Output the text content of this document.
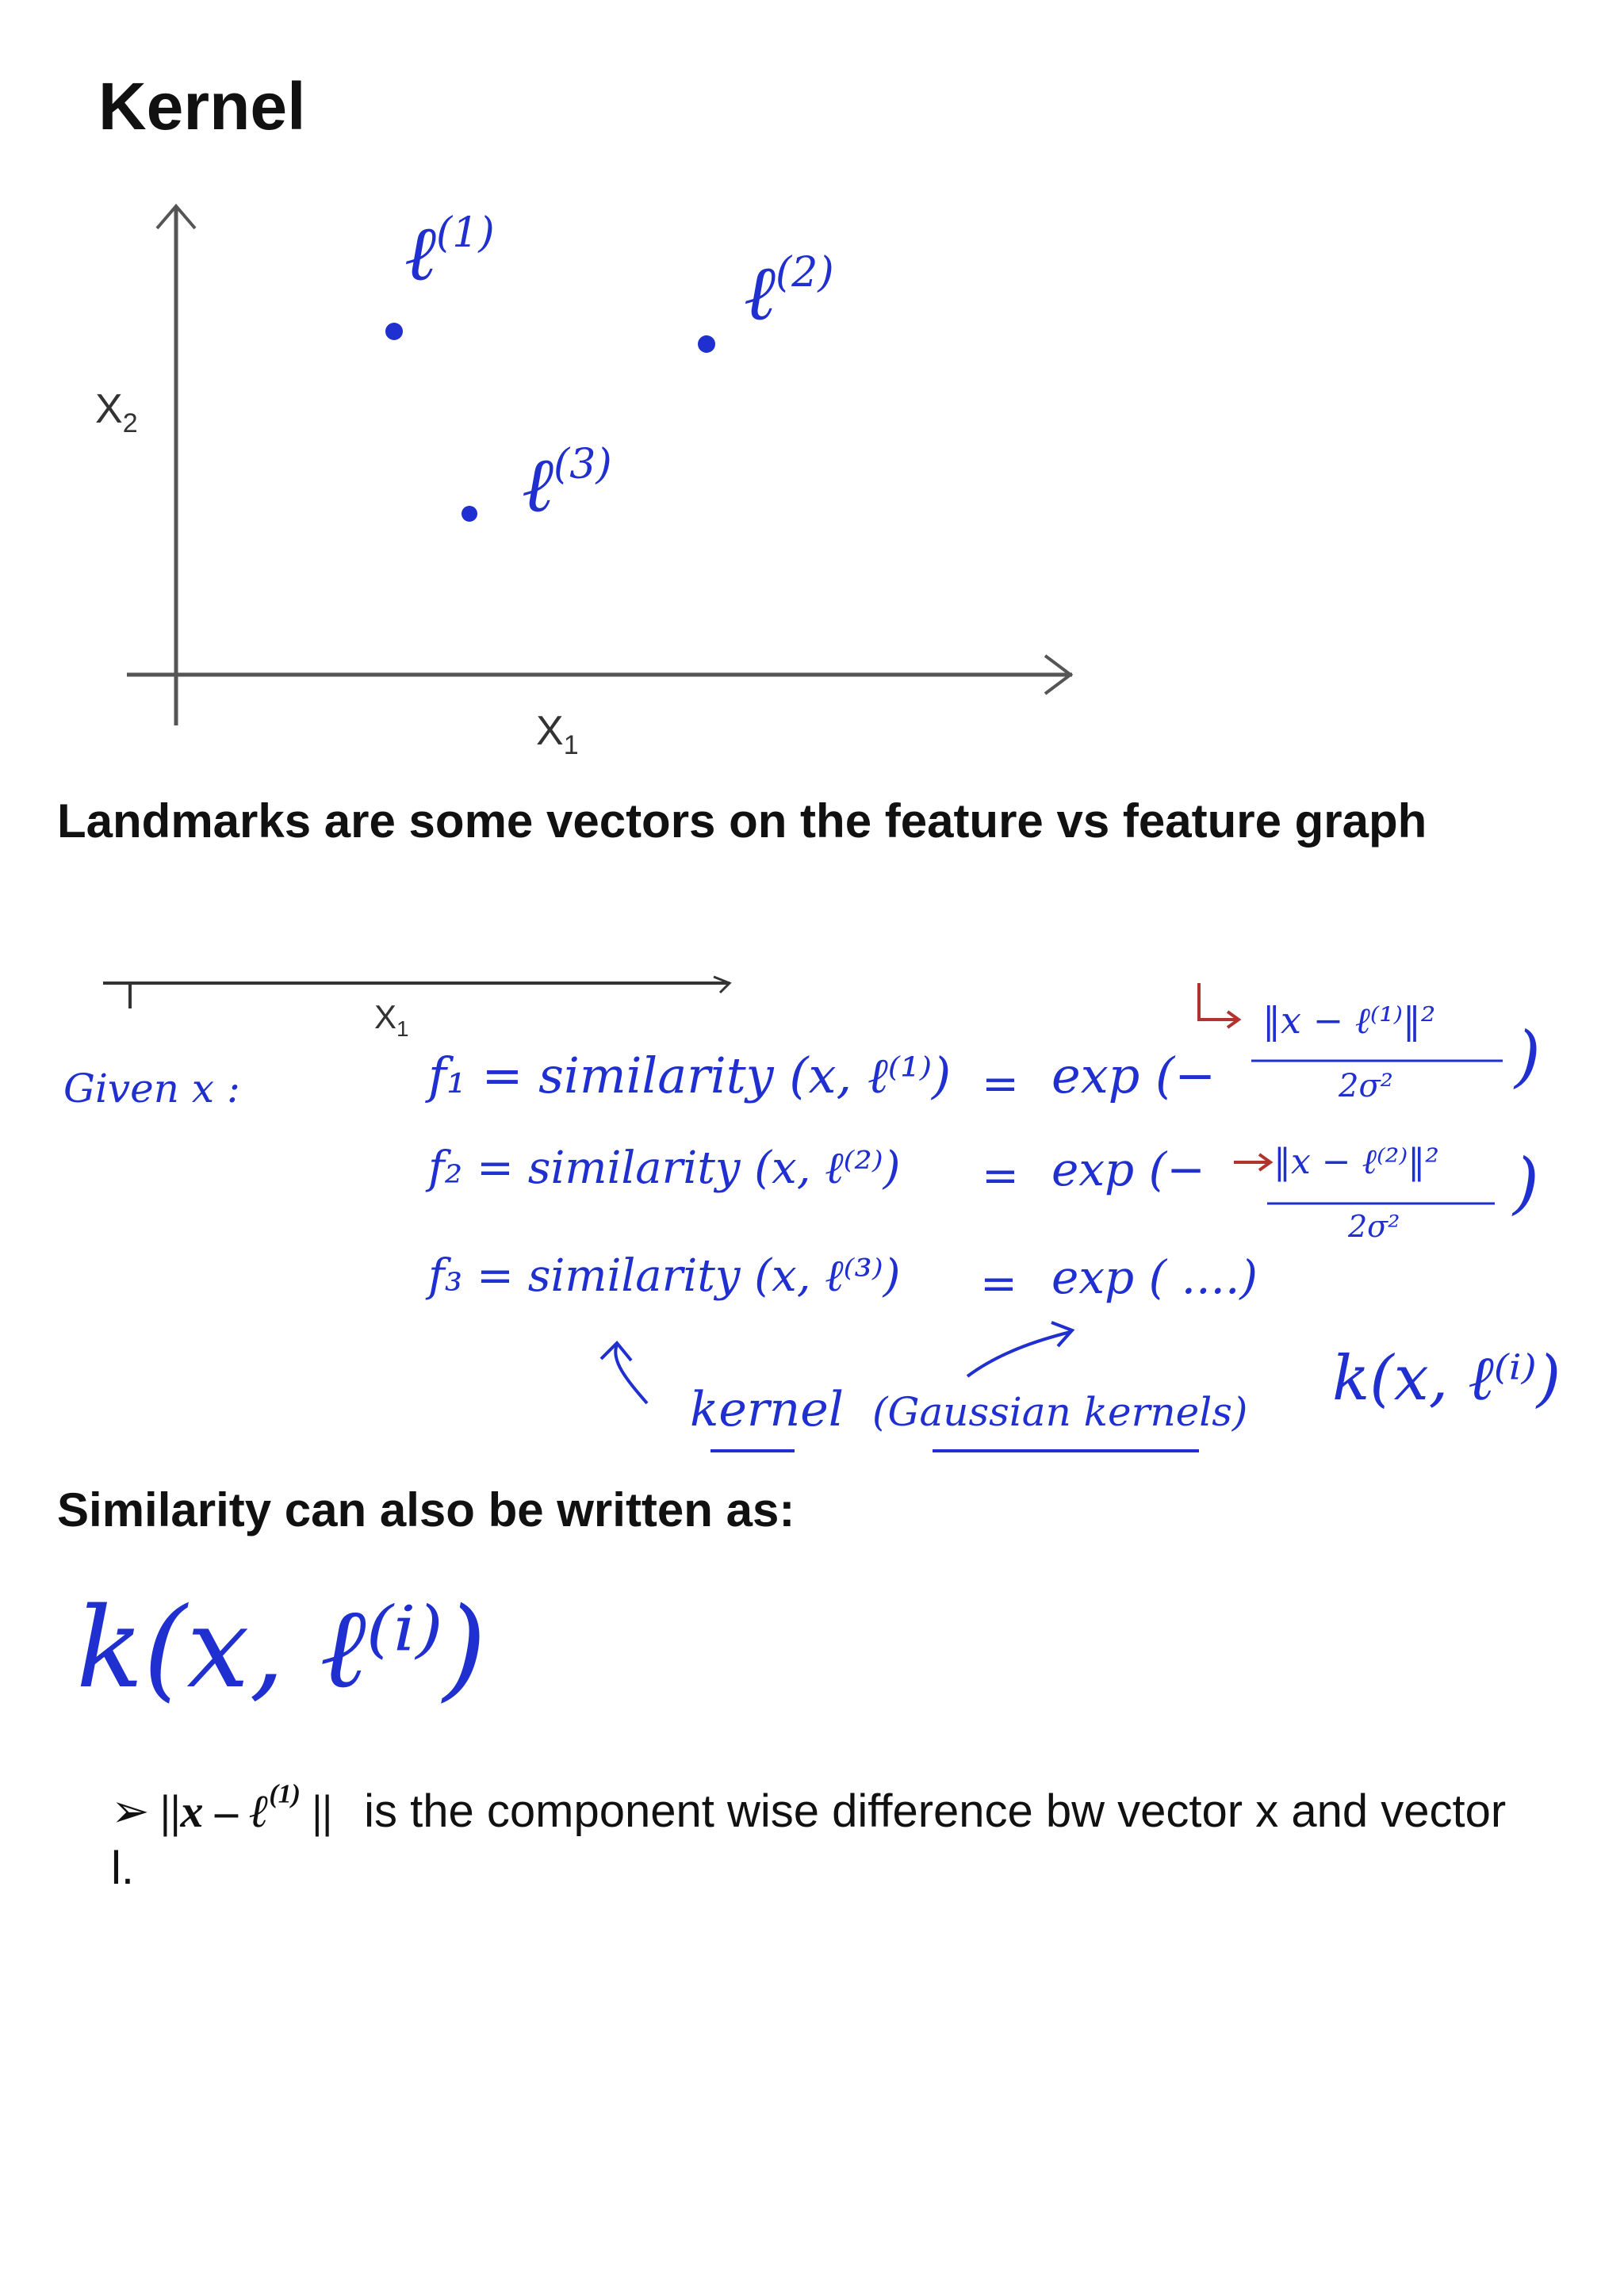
Kernel
$X_2$
$X_1$
ℓ$^{(1)}$
ℓ$^{(2)}$
ℓ$^{(3)}$
Landmarks are some vectors on the feature vs feature graph
$X_1$
Given x :	f₁ = similarity (x, ℓ⁽¹⁾) = exp (−
‖x − ℓ⁽¹⁾‖²
2σ² )
f₂ = similarity (x, ℓ⁽²⁾) = exp (− ‖x − ℓ⁽²⁾‖²
2σ²
)
f₃ = similarity (x, ℓ⁽³⁾) = exp ( ....)
kernel (Gaussian kernels) k(x, ℓ⁽ⁱ⁾)
Similarity can also be written as:
k(x, ℓ⁽ⁱ⁾)
➢ ||x – ℓ$^{(1)}$ || is the component wise difference bw vector x and vector l.
